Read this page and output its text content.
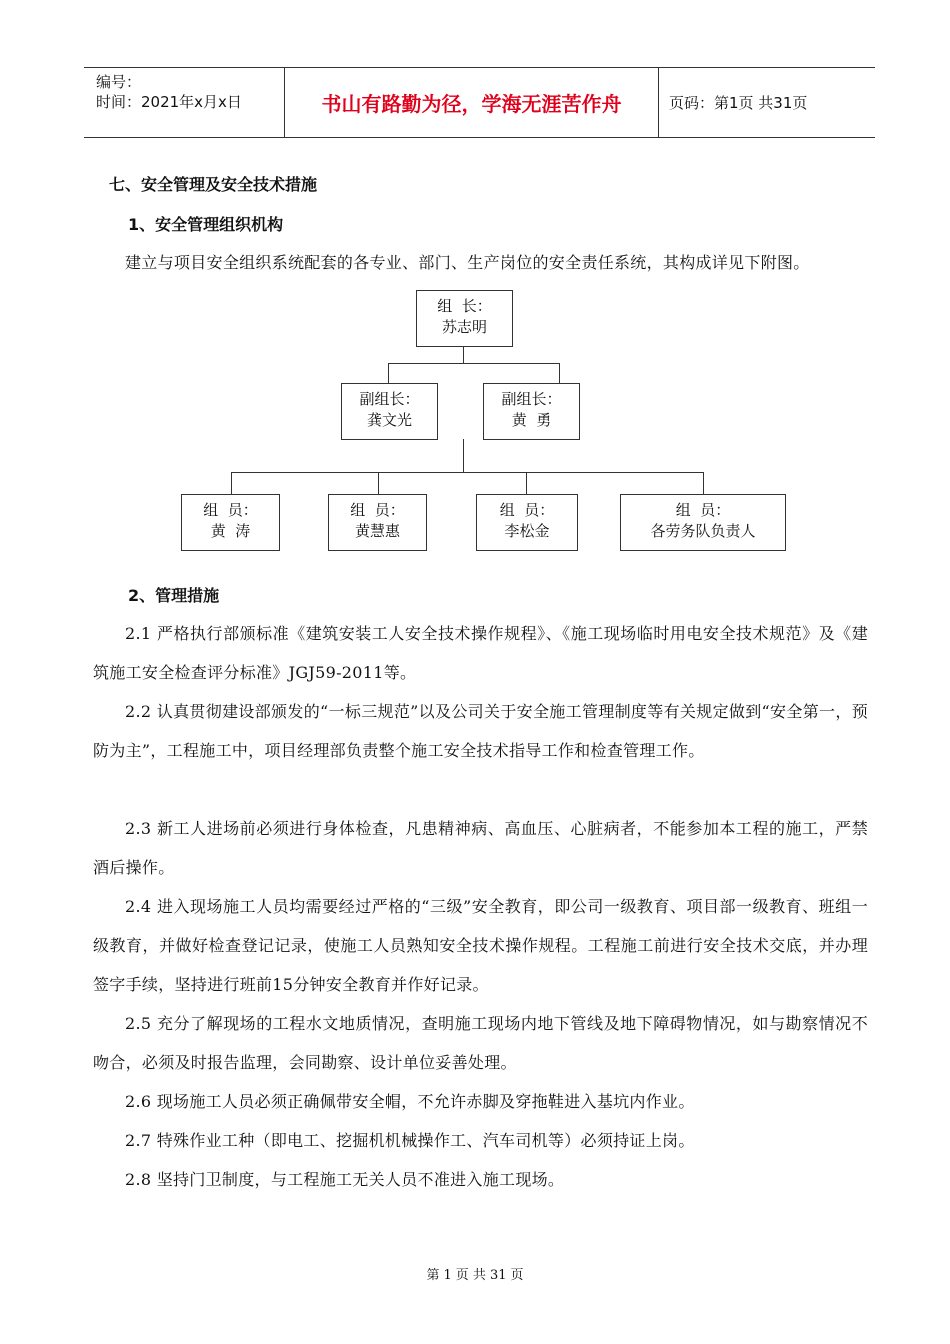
编号：
时间：2021年x月x日	书山有路勤为径，学海无涯苦作舟	页码：第1页 共31页
七、安全管理及安全技术措施
1、安全管理组织机构
建立与项目安全组织系统配套的各专业、部门、生产岗位的安全责任系统，其构成详见下附图。
组  长：
苏志明
副组长：
龚文光
副组长：
黄  勇
组  员：
黄  涛
组  员：
黄慧惠
组  员：
李松金
组  员：
各劳务队负责人
2、管理措施
2.1 严格执行部颁标准《建筑安装工人安全技术操作规程》、《施工现场临时用电安全技术规范》及《建筑施工安全检查评分标准》JGJ59-2011等。
2.2 认真贯彻建设部颁发的“一标三规范”以及公司关于安全施工管理制度等有关规定做到“安全第一，预防为主”，工程施工中，项目经理部负责整个施工安全技术指导工作和检查管理工作。
2.3 新工人进场前必须进行身体检查，凡患精神病、高血压、心脏病者，不能参加本工程的施工，严禁酒后操作。
2.4 进入现场施工人员均需要经过严格的“三级”安全教育，即公司一级教育、项目部一级教育、班组一级教育，并做好检查登记记录，使施工人员熟知安全技术操作规程。工程施工前进行安全技术交底，并办理签字手续，坚持进行班前15分钟安全教育并作好记录。
2.5 充分了解现场的工程水文地质情况，查明施工现场内地下管线及地下障碍物情况，如与勘察情况不吻合，必须及时报告监理，会同勘察、设计单位妥善处理。
2.6 现场施工人员必须正确佩带安全帽，不允许赤脚及穿拖鞋进入基坑内作业。
2.7 特殊作业工种（即电工、挖掘机机械操作工、汽车司机等）必须持证上岗。
2.8 坚持门卫制度，与工程施工无关人员不准进入施工现场。
第 1 页 共 31 页
